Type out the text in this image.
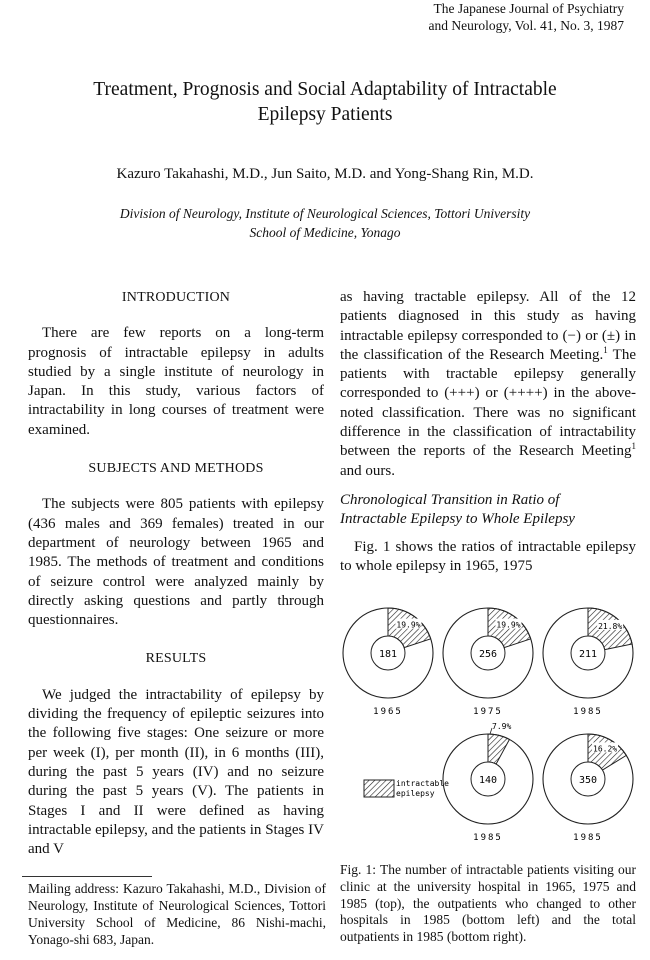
The Japanese Journal of Psychiatry
and Neurology, Vol. 41, No. 3, 1987
Treatment, Prognosis and Social Adaptability of Intractable
Epilepsy Patients
Kazuro Takahashi, M.D., Jun Saito, M.D. and Yong-Shang Rin, M.D.
Division of Neurology, Institute of Neurological Sciences, Tottori University
School of Medicine, Yonago

INTRODUCTION

There are few reports on a long-term prognosis of intractable epilepsy in adults studied by a single institute of neurology in Japan. In this study, various factors of intractability in long courses of treatment were examined.

SUBJECTS AND METHODS

The subjects were 805 patients with epilepsy (436 males and 369 females) treated in our department of neurology between 1965 and 1985. The methods of treatment and conditions of seizure control were analyzed mainly by directly asking questions and partly through questionnaires.

RESULTS

We judged the intractability of epilepsy by dividing the frequency of epileptic seizures into the following five stages: One seizure or more per week (I), per month (II), in 6 months (III), during the past 5 years (IV) and no seizure during the past 5 years (V). The patients in Stages I and II were defined as having intractable epilepsy, and the patients in Stages IV and V

as having tractable epilepsy. All of the 12 patients diagnosed in this study as having intractable epilepsy corresponded to (−) or (±) in the classification of the Research Meeting.$^1$ The patients with tractable epilepsy generally corresponded to (+++) or (++++) in the above-noted classification. There was no significant difference in the classification of intractability between the reports of the Research Meeting$^1$ and ours.

Chronological Transition in Ratio of
Intractable Epilepsy to Whole Epilepsy

Fig. 1 shows the ratios of intractable epilepsy to whole epilepsy in 1965, 1975

181
19.9%
1965
256
19.9%
1975
211
21.8%
1985
140
7.9%
1985
350
16.2%
1985
intractable
epilepsy
Fig. 1: The number of intractable patients visiting our clinic at the university hospital in 1965, 1975 and 1985 (top), the outpatients who changed to other hospitals in 1985 (bottom left) and the total outpatients in 1985 (bottom right).
Mailing address: Kazuro Takahashi, M.D., Division of Neurology, Institute of Neurological Sciences, Tottori University School of Medicine, 86 Nishi-machi, Yonago-shi 683, Japan.
